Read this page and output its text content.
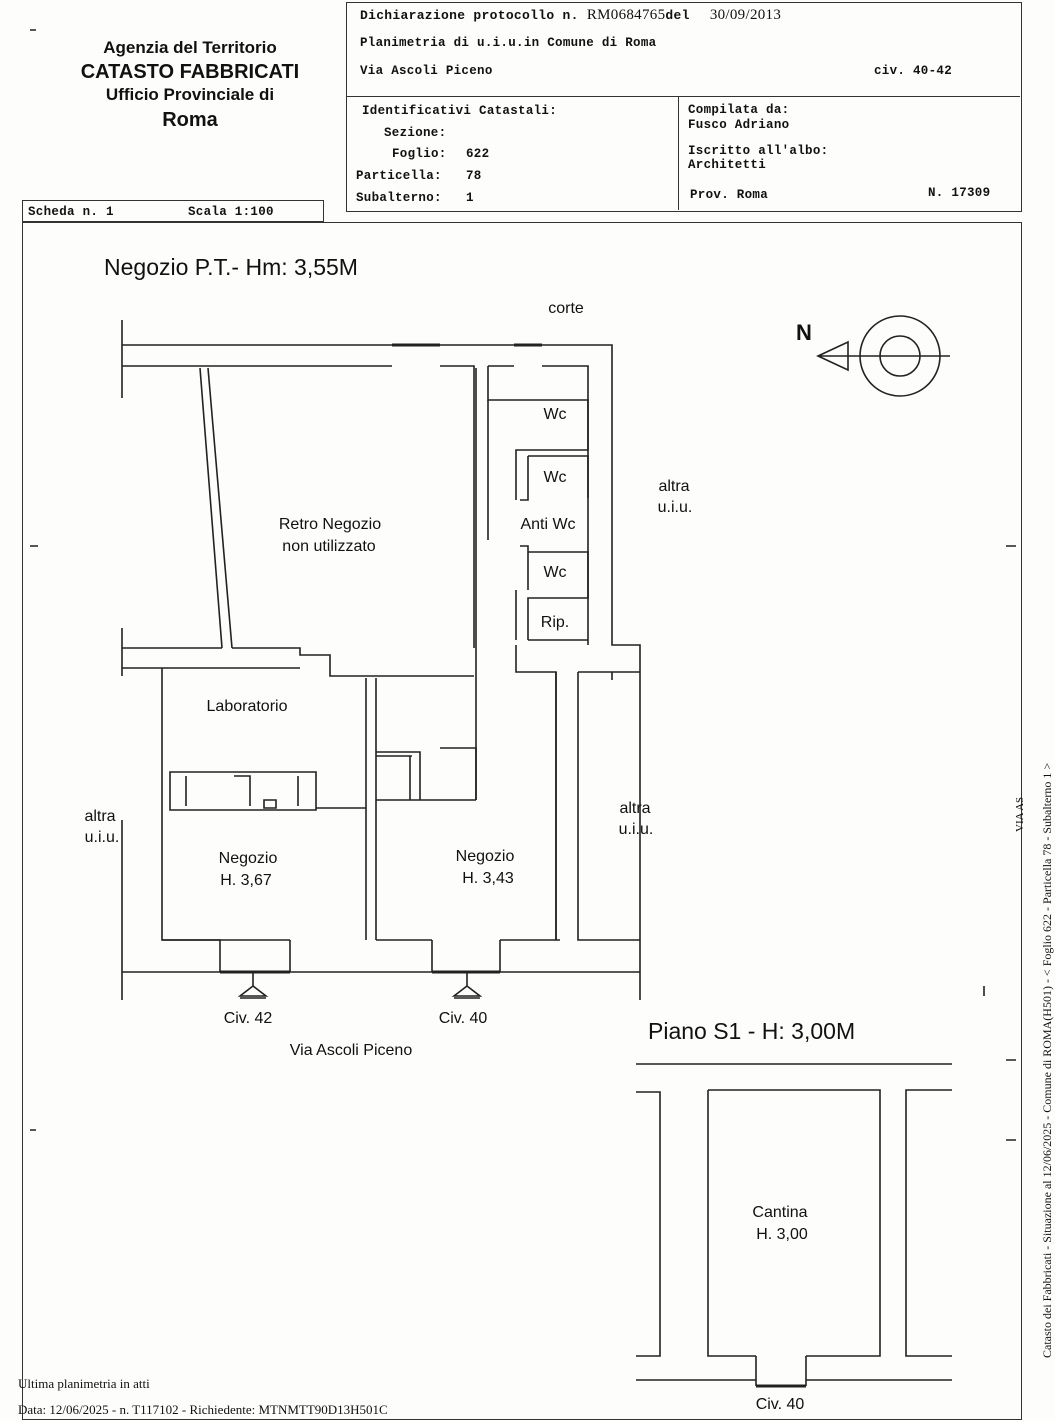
Agenzia del Territorio
CATASTO FABBRICATI
Ufficio Provinciale di
Roma
Dichiarazione protocollo n. RM0684765del 30/09/2013
Planimetria di u.i.u.in Comune di Roma
Via Ascoli Piceno	civ. 40-42
Identificativi Catastali:
Sezione:
Foglio: 622
Particella: 78
Subalterno: 1
Compilata da:
Fusco Adriano
Iscritto all'albo:
Architetti
Prov. Roma	N. 17309
Scheda n. 1	Scala 1:100
Negozio P.T.- Hm: 3,55M
corte
N
Wc
Wc
Anti Wc
Wc
Rip.
Retro Negozio
non utilizzato
Laboratorio
Negozio
H. 3,67
Negozio
H. 3,43
altra
u.i.u.
altra
u.i.u.
altra
u.i.u.
Civ. 42	Civ. 40
Via Ascoli Piceno
Piano S1 - H: 3,00M
Cantina
H. 3,00
Civ. 40
Ultima planimetria in atti
Data: 12/06/2025 - n. T117102 - Richiedente: MTNMTT90D13H501C
Catasto dei Fabbricati - Situazione al 12/06/2025 - Comune di ROMA(H501) - < Foglio 622 - Particella 78 - Subalterno 1 >
VIA AS
